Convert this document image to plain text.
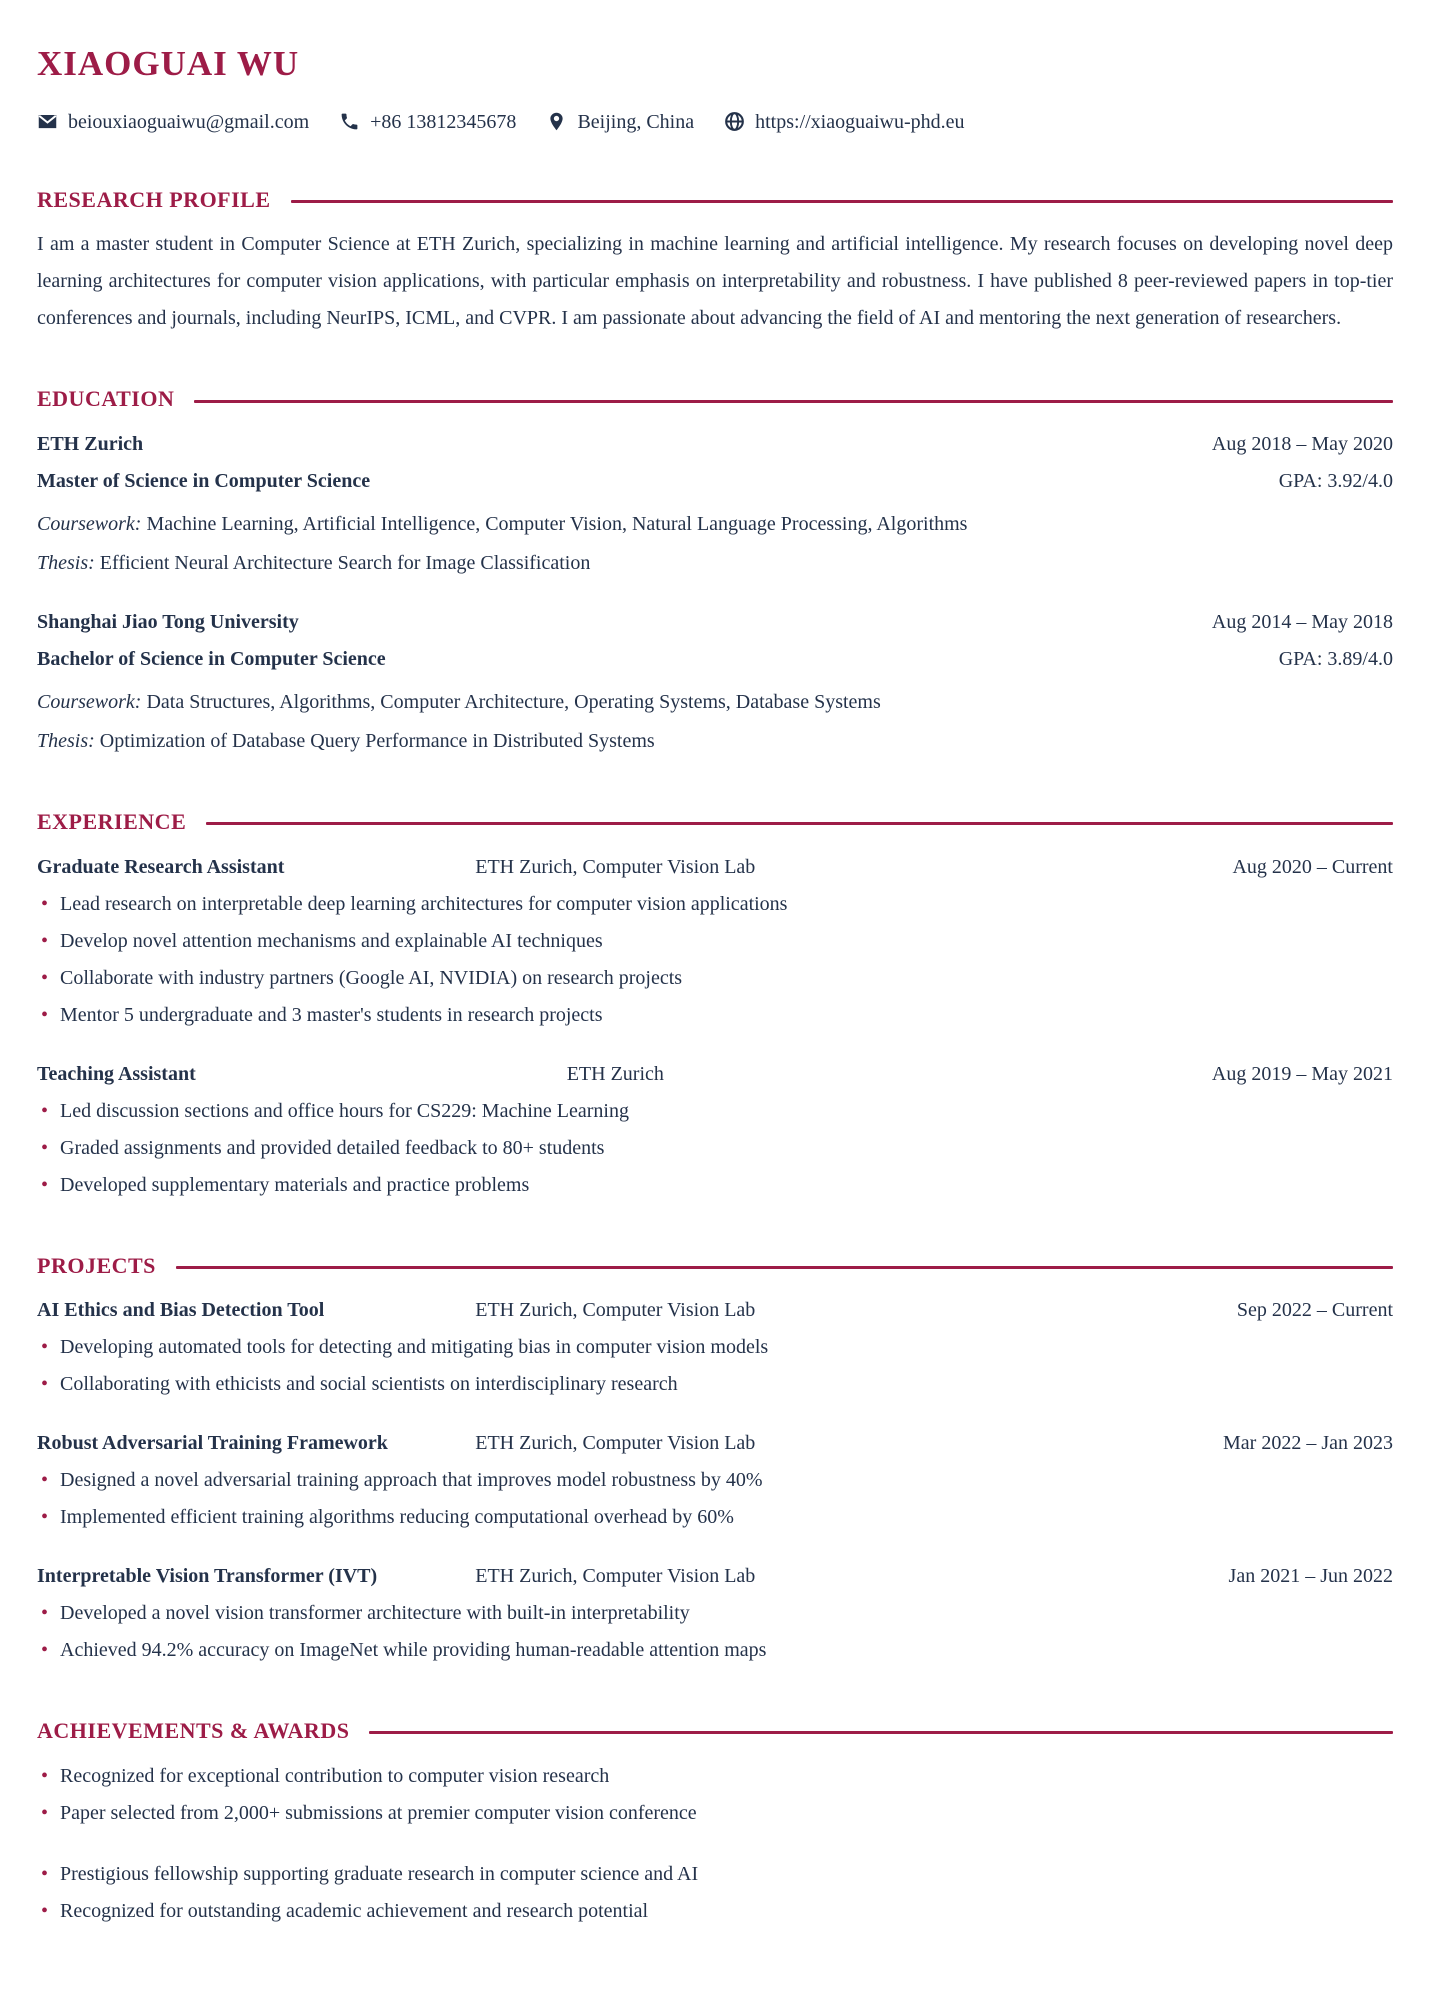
XIAOGUAI WU
beiouxiaoguaiwu@gmail.com	+86 13812345678	Beijing, China	https://xiaoguaiwu-phd.eu
RESEARCH PROFILE

I am a master student in Computer Science at ETH Zurich, specializing in machine learning and artificial intelligence. My research focuses on developing novel deep learning architectures for computer vision applications, with particular emphasis on interpretability and robustness. I have published 8 peer-reviewed papers in top-tier conferences and journals, including NeurIPS, ICML, and CVPR. I am passionate about advancing the field of AI and mentoring the next generation of researchers.

EDUCATION
ETH Zurich	Aug 2018 – May 2020
Master of Science in Computer Science	GPA: 3.92/4.0
Coursework: Machine Learning, Artificial Intelligence, Computer Vision, Natural Language Processing, Algorithms
Thesis: Efficient Neural Architecture Search for Image Classification
Shanghai Jiao Tong University	Aug 2014 – May 2018
Bachelor of Science in Computer Science	GPA: 3.89/4.0
Coursework: Data Structures, Algorithms, Computer Architecture, Operating Systems, Database Systems
Thesis: Optimization of Database Query Performance in Distributed Systems
EXPERIENCE
Graduate Research Assistant	ETH Zurich, Computer Vision Lab	Aug 2020 – Current
• Lead research on interpretable deep learning architectures for computer vision applications
• Develop novel attention mechanisms and explainable AI techniques
• Collaborate with industry partners (Google AI, NVIDIA) on research projects
• Mentor 5 undergraduate and 3 master's students in research projects
Teaching Assistant	ETH Zurich	Aug 2019 – May 2021
• Led discussion sections and office hours for CS229: Machine Learning
• Graded assignments and provided detailed feedback to 80+ students
• Developed supplementary materials and practice problems
PROJECTS
AI Ethics and Bias Detection Tool	ETH Zurich, Computer Vision Lab	Sep 2022 – Current
• Developing automated tools for detecting and mitigating bias in computer vision models
• Collaborating with ethicists and social scientists on interdisciplinary research
Robust Adversarial Training Framework	ETH Zurich, Computer Vision Lab	Mar 2022 – Jan 2023
• Designed a novel adversarial training approach that improves model robustness by 40%
• Implemented efficient training algorithms reducing computational overhead by 60%
Interpretable Vision Transformer (IVT)	ETH Zurich, Computer Vision Lab	Jan 2021 – Jun 2022
• Developed a novel vision transformer architecture with built-in interpretability
• Achieved 94.2% accuracy on ImageNet while providing human-readable attention maps
ACHIEVEMENTS & AWARDS
• Recognized for exceptional contribution to computer vision research
• Paper selected from 2,000+ submissions at premier computer vision conference
• Prestigious fellowship supporting graduate research in computer science and AI
• Recognized for outstanding academic achievement and research potential
